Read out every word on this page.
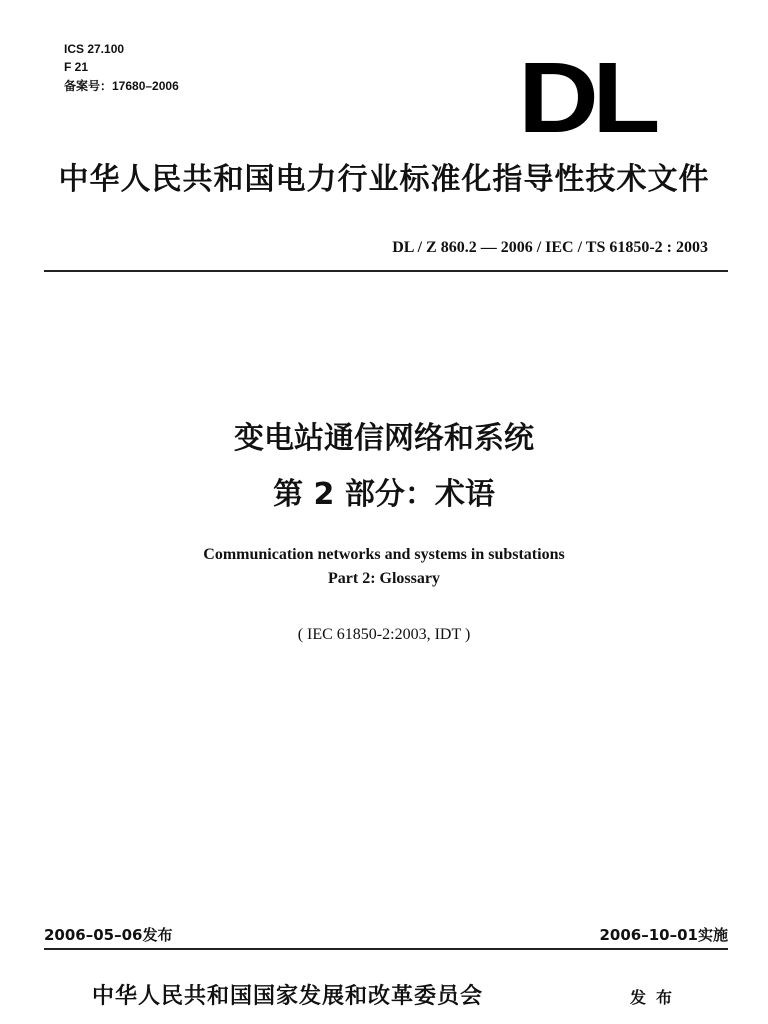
ICS 27.100
F 21
备案号：17680–2006	DL
中华人民共和国电力行业标准化指导性技术文件
DL / Z 860.2 — 2006 / IEC / TS 61850-2 : 2003
变电站通信网络和系统
第 2 部分：术语
Communication networks and systems in substations
Part 2: Glossary
( IEC 61850-2:2003, IDT )
2006–05–06发布	2006–10–01实施
中华人民共和国国家发展和改革委员会	发布
